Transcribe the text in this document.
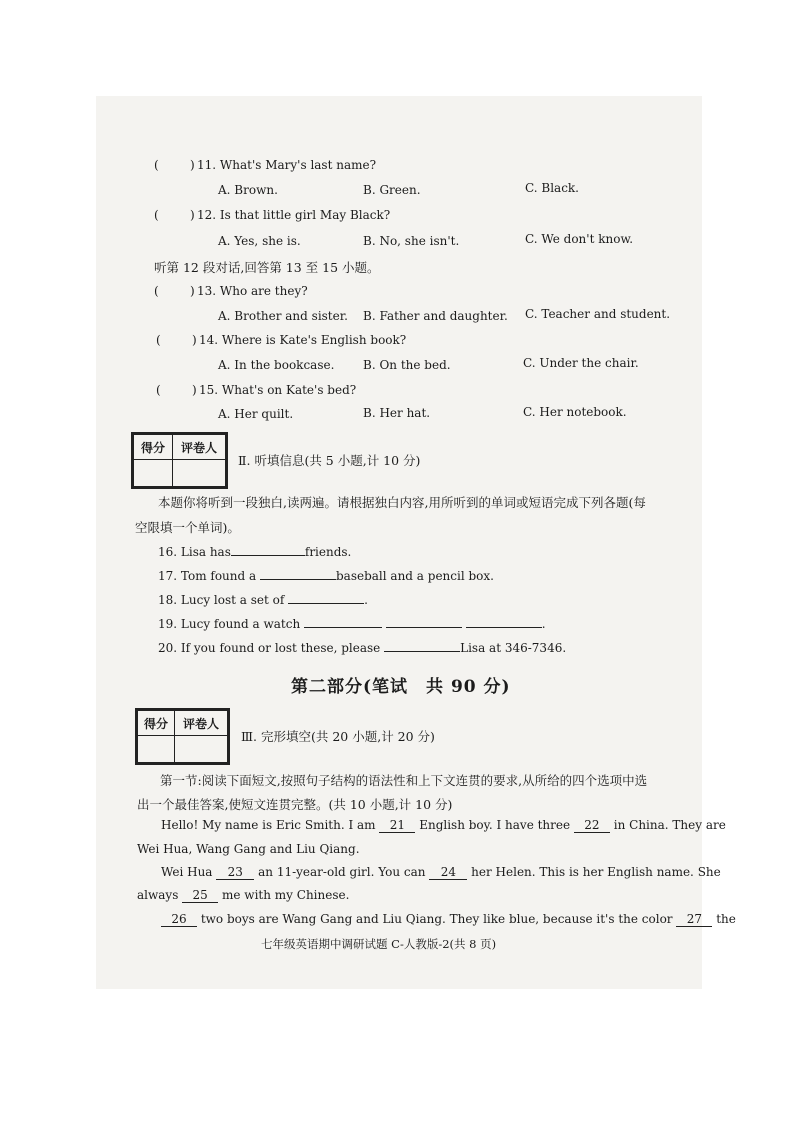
(	) 11. What's Mary's last name?
A. Brown.	B. Green.	C. Black.
(	) 12. Is that little girl May Black?
A. Yes, she is.	B. No, she isn't.	C. We don't know.
听第 12 段对话,回答第 13 至 15 小题。
(	) 13. Who are they?
A. Brother and sister. B. Father and daughter. C. Teacher and student.
(	) 14. Where is Kate's English book?
A. In the bookcase. B. On the bed.	C. Under the chair.
(	) 15. What's on Kate's bed?
A. Her quilt.	B. Her hat.	C. Her notebook.
得分	评卷人

Ⅱ. 听填信息(共 5 小题,计 10 分)
本题你将听到一段独白,读两遍。请根据独白内容,用所听到的单词或短语完成下列各题(每
空限填一个单词)。
16. Lisa has	friends.
17. Tom found a	baseball and a pencil box.
18. Lucy lost a set of	.
19. Lucy found a watch	.
20. If you found or lost these, please	Lisa at 346-7346.
第二部分(笔试　共 90 分)
得分	评卷人

Ⅲ. 完形填空(共 20 小题,计 20 分)
第一节:阅读下面短文,按照句子结构的语法性和上下文连贯的要求,从所给的四个选项中选
出一个最佳答案,使短文连贯完整。(共 10 小题,计 10 分)
Hello! My name is Eric Smith. I am 21 English boy. I have three 22 in China. They are
Wei Hua, Wang Gang and Liu Qiang.
Wei Hua 23 an 11-year-old girl. You can 24 her Helen. This is her English name. She
always 25 me with my Chinese.
26 two boys are Wang Gang and Liu Qiang. They like blue, because it's the color 27 the
七年级英语期中调研试题 C-人教版-2(共 8 页)
